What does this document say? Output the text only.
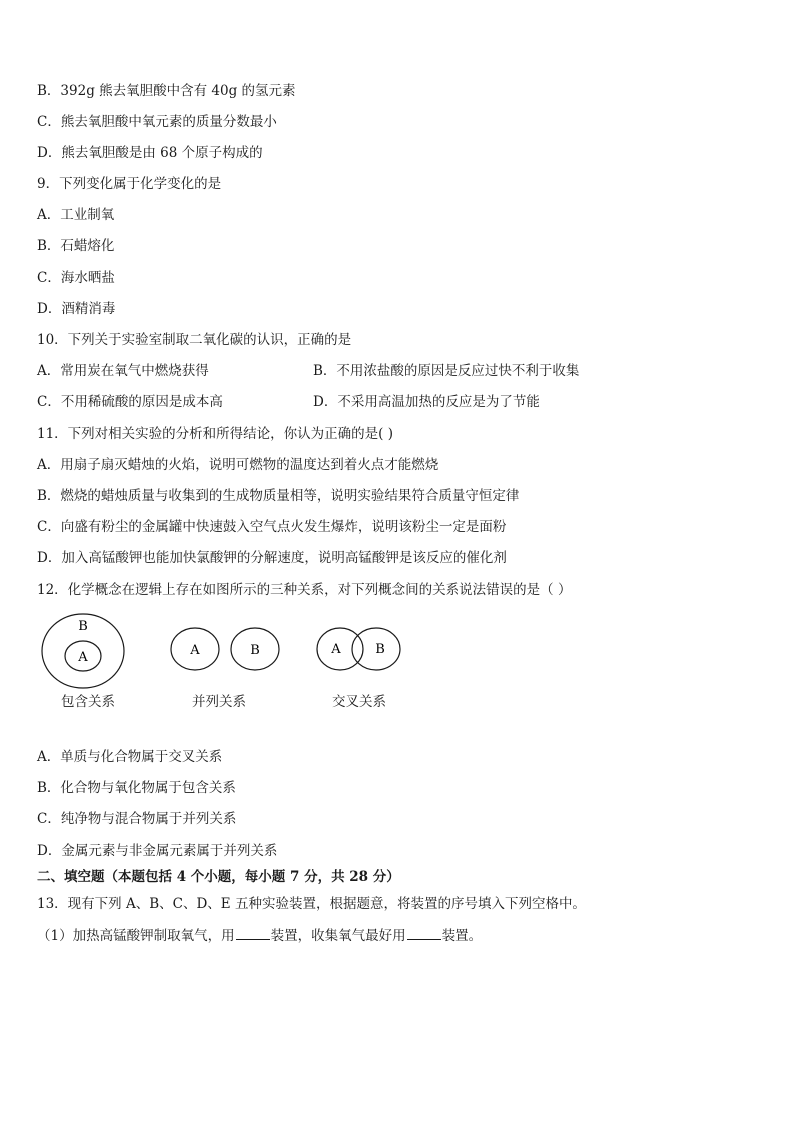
B．392g 熊去氧胆酸中含有 40g 的氢元素
C．熊去氧胆酸中氧元素的质量分数最小
D．熊去氧胆酸是由 68 个原子构成的
9．下列变化属于化学变化的是
A．工业制氧
B．石蜡熔化
C．海水晒盐
D．酒精消毒
10．下列关于实验室制取二氧化碳的认识，正确的是
A．常用炭在氧气中燃烧获得	B．不用浓盐酸的原因是反应过快不利于收集
C．不用稀硫酸的原因是成本高	D．不采用高温加热的反应是为了节能
11．下列对相关实验的分析和所得结论，你认为正确的是( )
A．用扇子扇灭蜡烛的火焰，说明可燃物的温度达到着火点才能燃烧
B．燃烧的蜡烛质量与收集到的生成物质量相等，说明实验结果符合质量守恒定律
C．向盛有粉尘的金属罐中快速鼓入空气点火发生爆炸，说明该粉尘一定是面粉
D．加入高锰酸钾也能加快氯酸钾的分解速度，说明高锰酸钾是该反应的催化剂
12．化学概念在逻辑上存在如图所示的三种关系，对下列概念间的关系说法错误的是（ ）
B
A	A	B	A	B
包含关系	并列关系	交叉关系
A．单质与化合物属于交叉关系
B．化合物与氧化物属于包含关系
C．纯净物与混合物属于并列关系
D．金属元素与非金属元素属于并列关系
二、填空题（本题包括 4 个小题，每小题 7 分，共 28 分）
13．现有下列 A、B、C、D、E 五种实验装置，根据题意，将装置的序号填入下列空格中。
（1）加热高锰酸钾制取氧气，用	装置，收集氧气最好用	装置。
